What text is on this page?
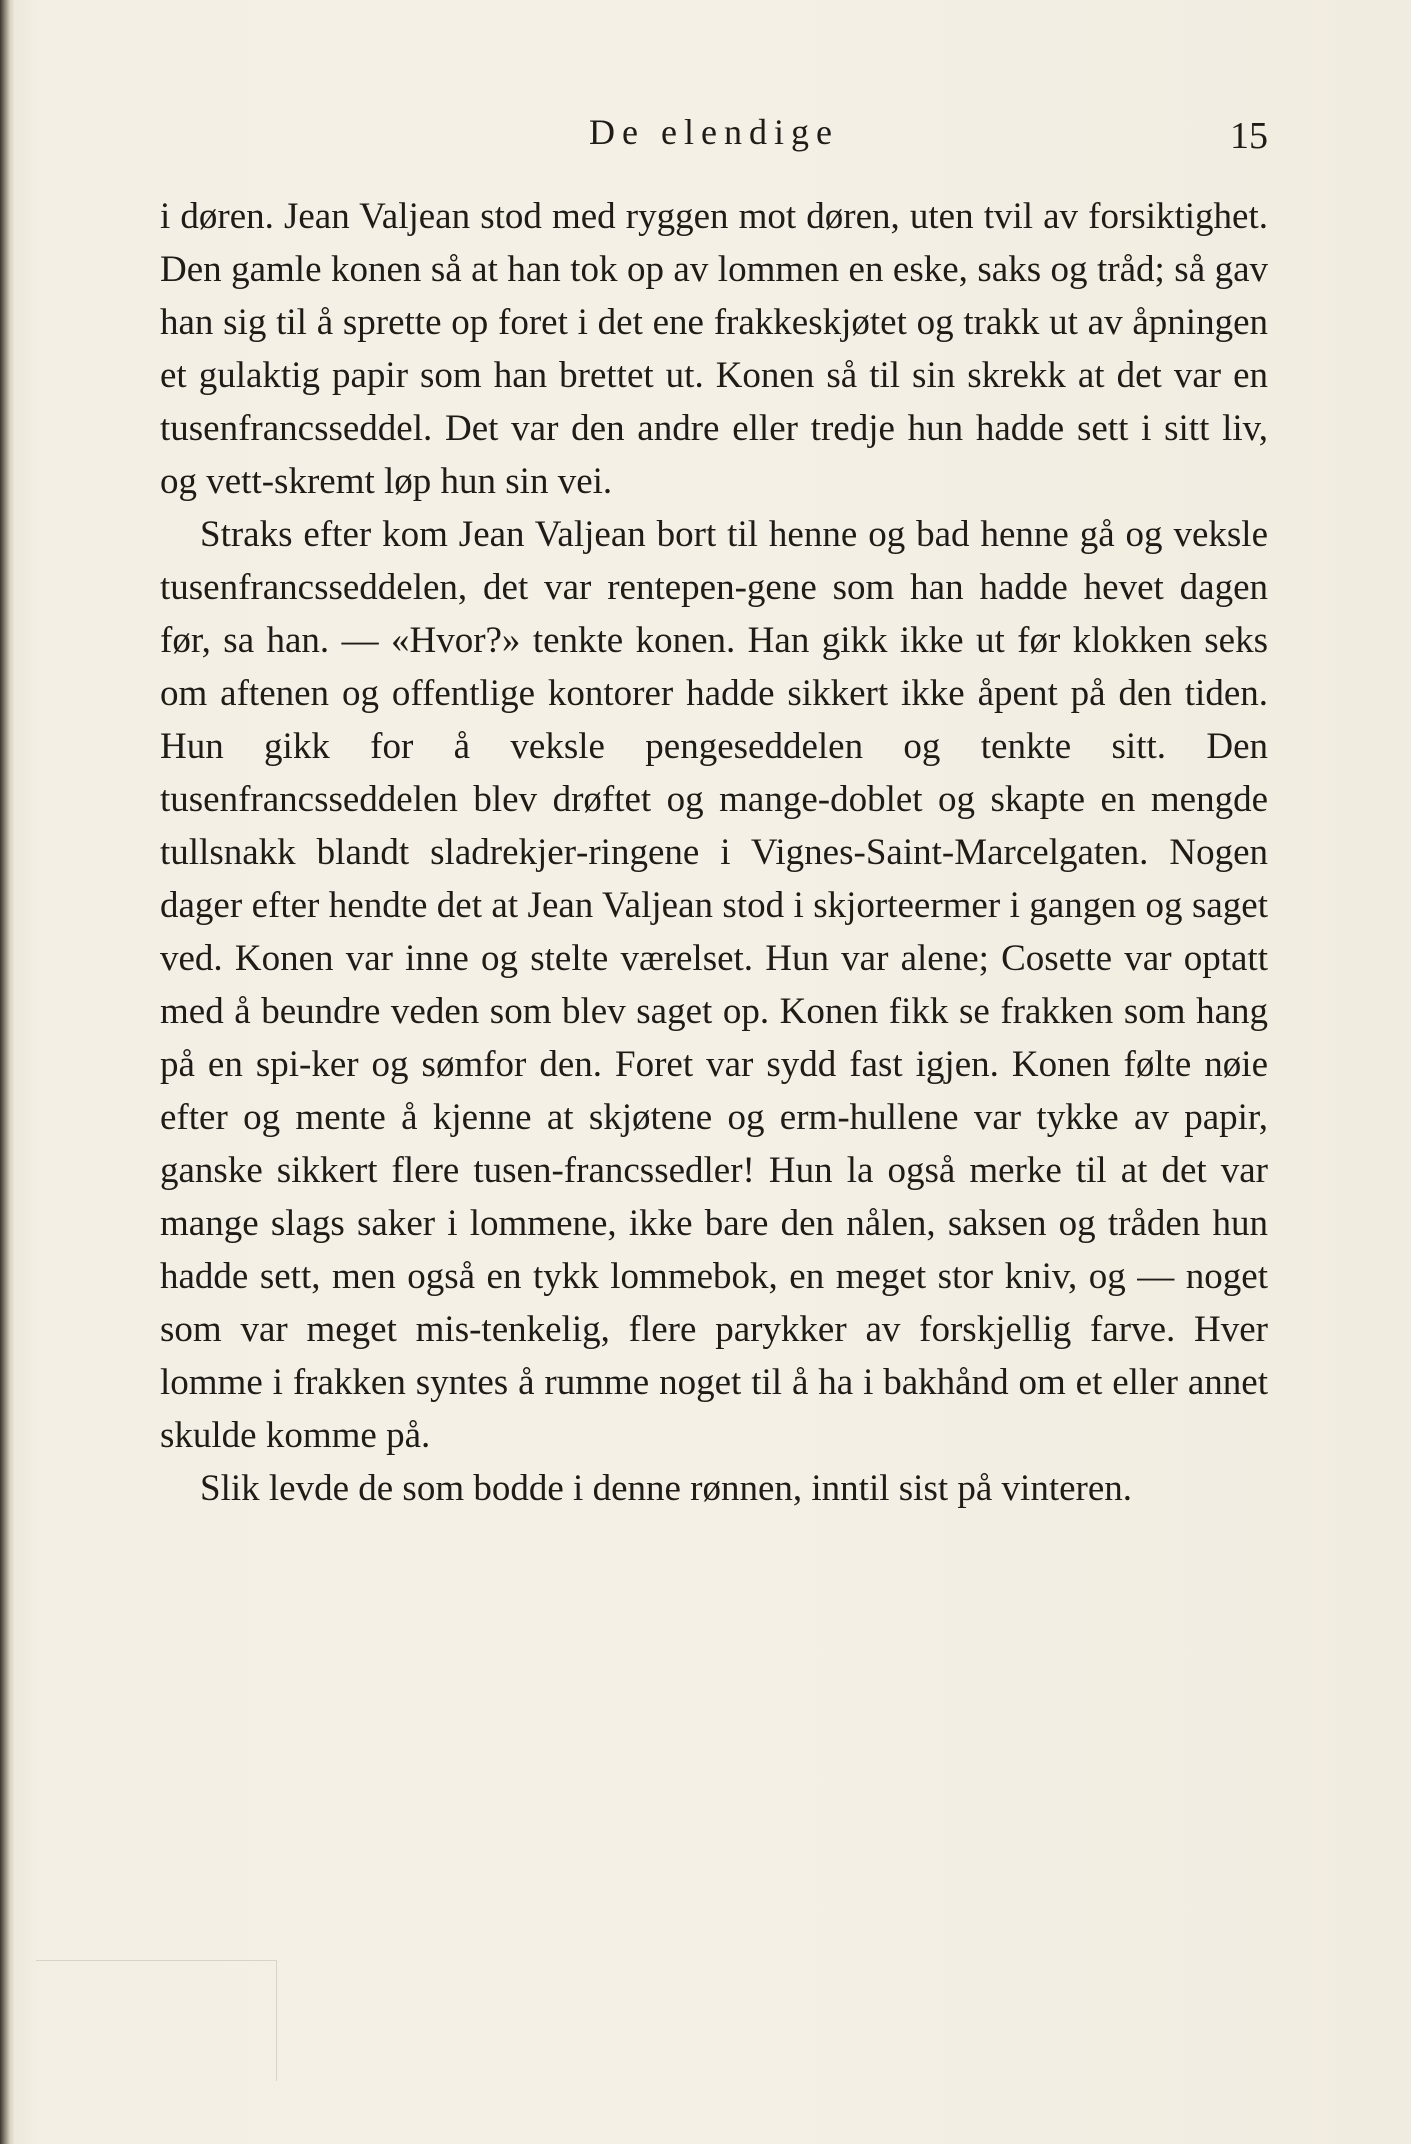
De elendige	15

i døren. Jean Valjean stod med ryggen mot døren, uten tvil av forsiktighet. Den gamle konen så at han tok op av lommen en eske, saks og tråd; så gav han sig til å sprette op foret i det ene frakkeskjøtet og trakk ut av åpningen et gulaktig papir som han brettet ut. Konen så til sin skrekk at det var en tusenfrancsseddel. Det var den andre eller tredje hun hadde sett i sitt liv, og vett‐skremt løp hun sin vei.

Straks efter kom Jean Valjean bort til henne og bad henne gå og veksle tusenfrancsseddelen, det var rentepen‐gene som han hadde hevet dagen før, sa han. — «Hvor?» tenkte konen. Han gikk ikke ut før klokken seks om aftenen og offentlige kontorer hadde sikkert ikke åpent på den tiden. Hun gikk for å veksle pengeseddelen og tenkte sitt. Den tusenfrancsseddelen blev drøftet og mange‐doblet og skapte en mengde tullsnakk blandt sladrekjer‐ringene i Vignes‐Saint‐Marcelgaten. Nogen dager efter hendte det at Jean Valjean stod i skjorteermer i gangen og saget ved. Konen var inne og stelte værelset. Hun var alene; Cosette var optatt med å beundre veden som blev saget op. Konen fikk se frakken som hang på en spi‐ker og sømfor den. Foret var sydd fast igjen. Konen følte nøie efter og mente å kjenne at skjøtene og erm‐hullene var tykke av papir, ganske sikkert flere tusen‐francssedler! Hun la også merke til at det var mange slags saker i lommene, ikke bare den nålen, saksen og tråden hun hadde sett, men også en tykk lommebok, en meget stor kniv, og — noget som var meget mis‐tenkelig, flere parykker av forskjellig farve. Hver lomme i frakken syntes å rumme noget til å ha i bakhånd om et eller annet skulde komme på.

Slik levde de som bodde i denne rønnen, inntil sist på vinteren.
